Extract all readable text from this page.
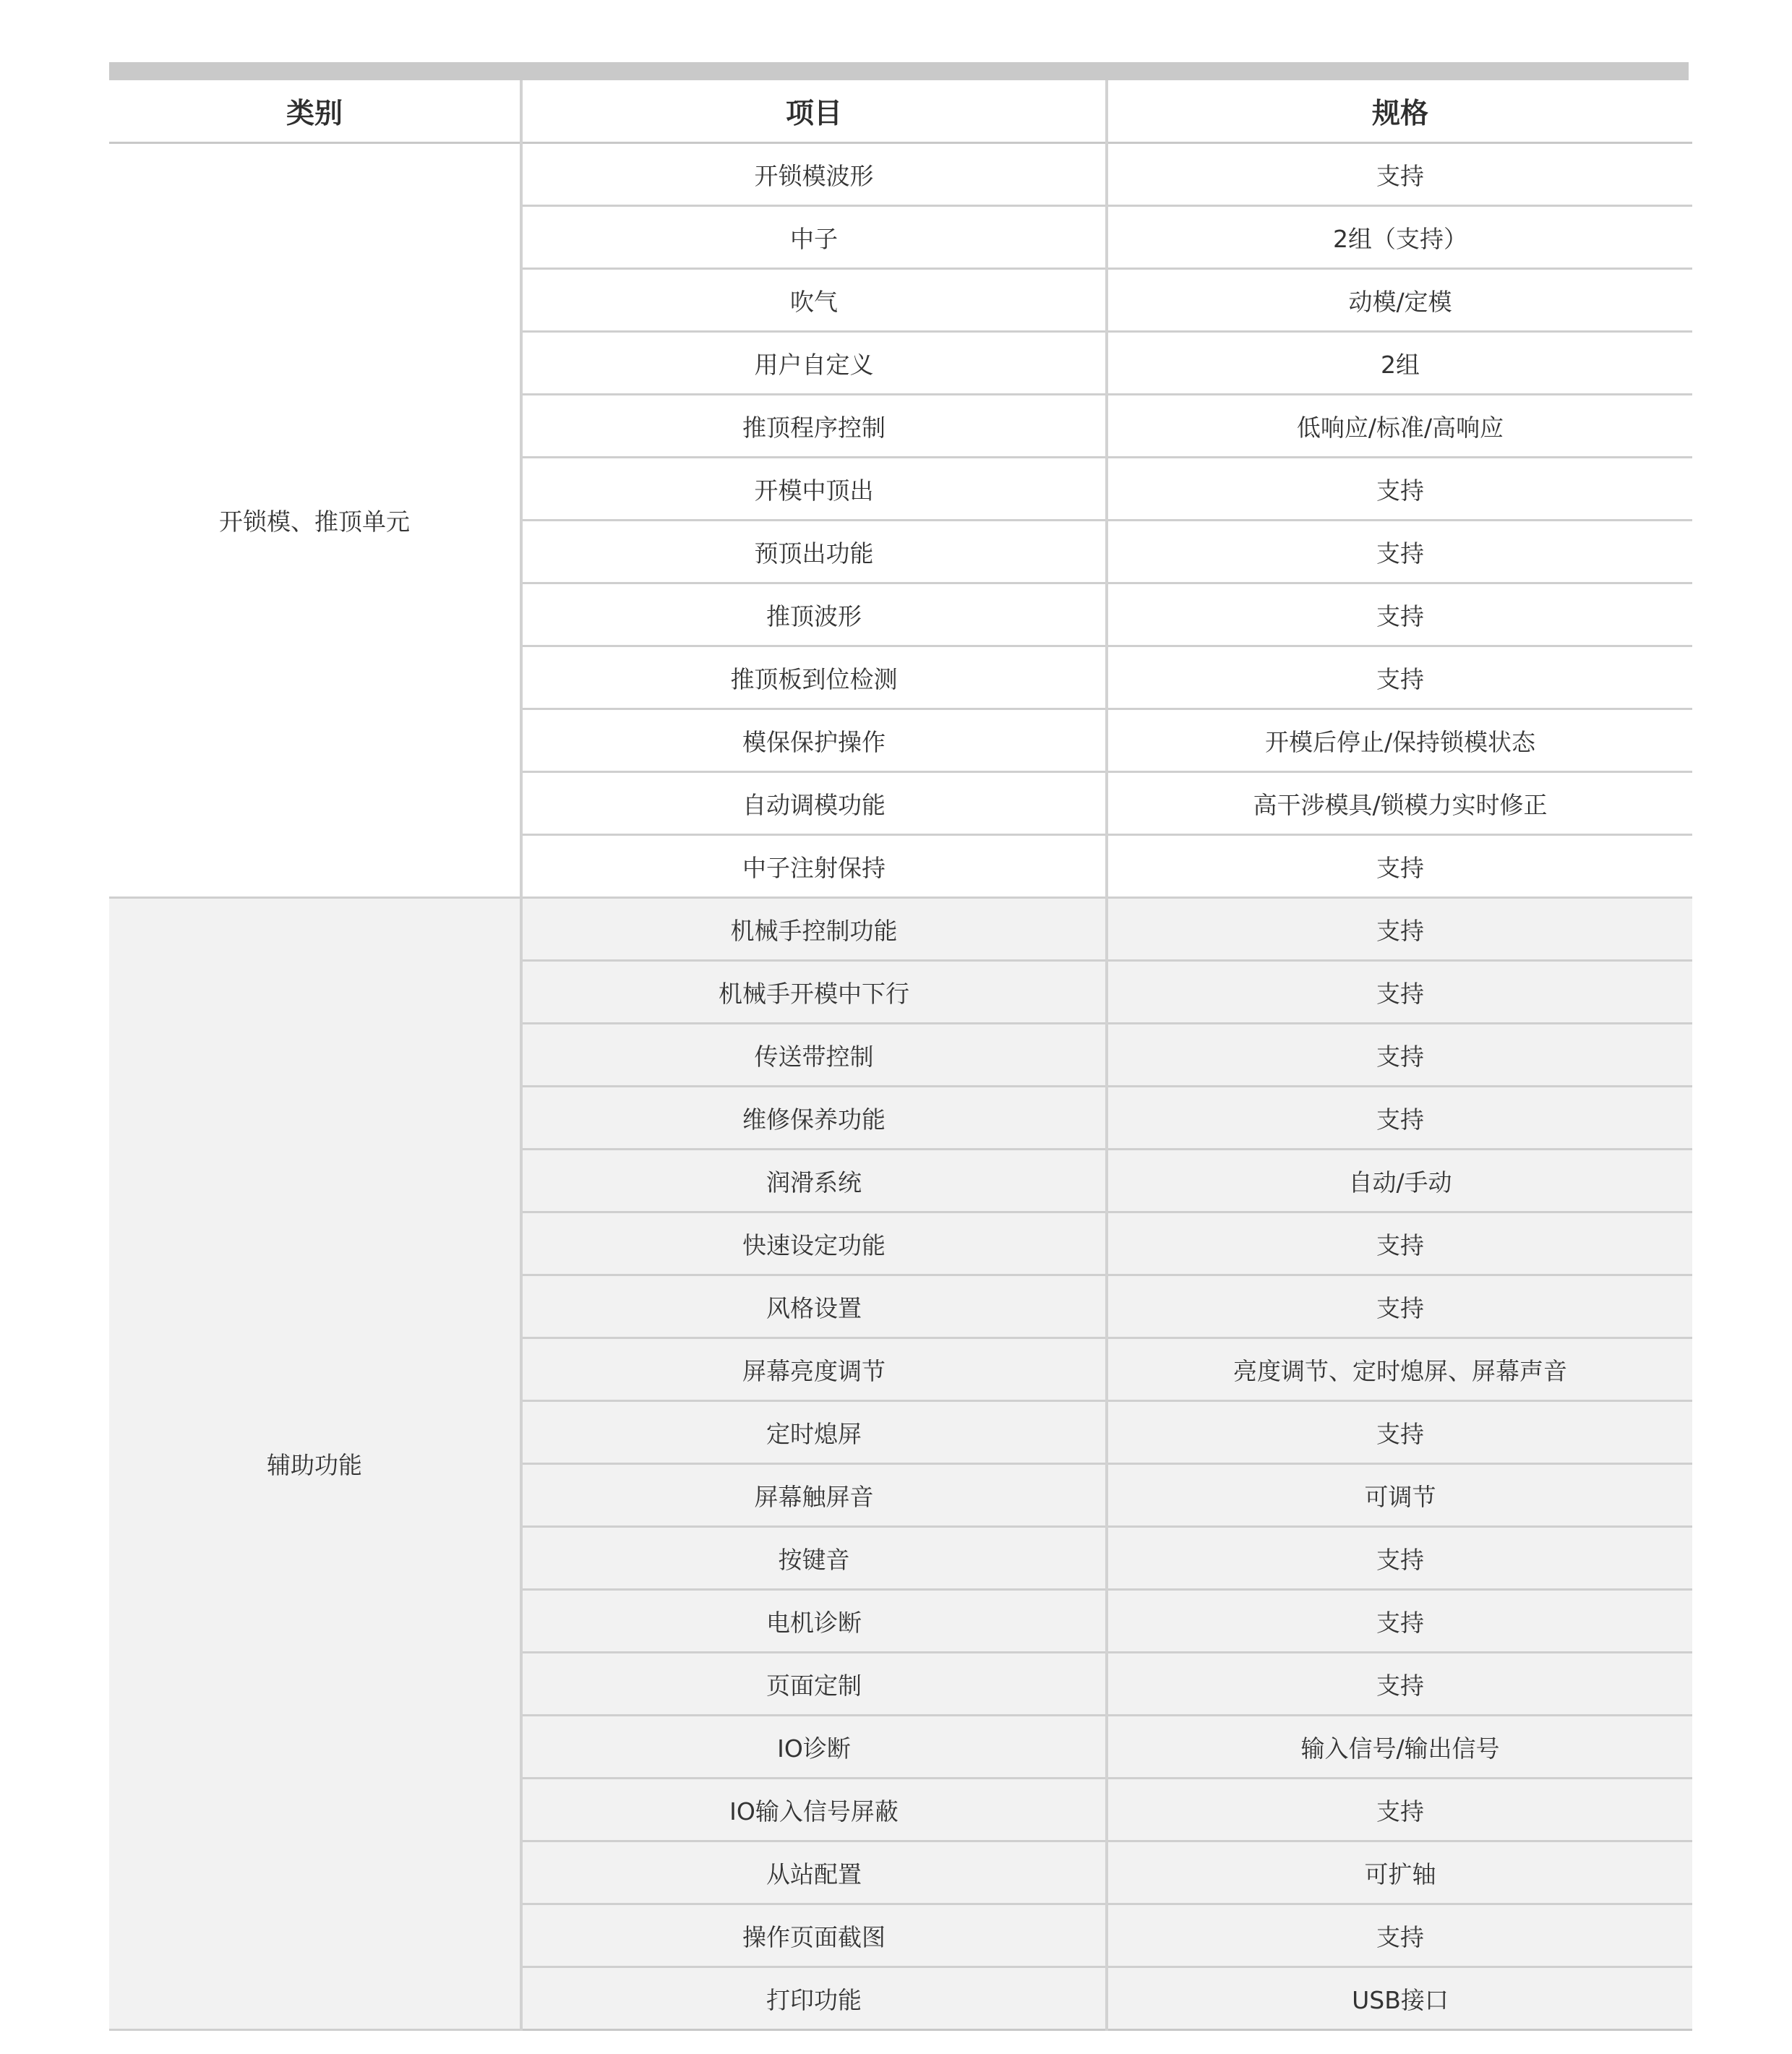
类别	项目	规格
开锁模、推顶单元	开锁模波形	支持
	中子	2组（支持）
	吹气	动模/定模
	用户自定义	2组
	推顶程序控制	低响应/标准/高响应
	开模中顶出	支持
	预顶出功能	支持
	推顶波形	支持
	推顶板到位检测	支持
	模保保护操作	开模后停止/保持锁模状态
	自动调模功能	高干涉模具/锁模力实时修正
	中子注射保持	支持
辅助功能	机械手控制功能	支持
	机械手开模中下行	支持
	传送带控制	支持
	维修保养功能	支持
	润滑系统	自动/手动
	快速设定功能	支持
	风格设置	支持
	屏幕亮度调节	亮度调节、定时熄屏、屏幕声音
	定时熄屏	支持
	屏幕触屏音	可调节
	按键音	支持
	电机诊断	支持
	页面定制	支持
	IO诊断	输入信号/输出信号
	IO输入信号屏蔽	支持
	从站配置	可扩轴
	操作页面截图	支持
	打印功能	USB接口
